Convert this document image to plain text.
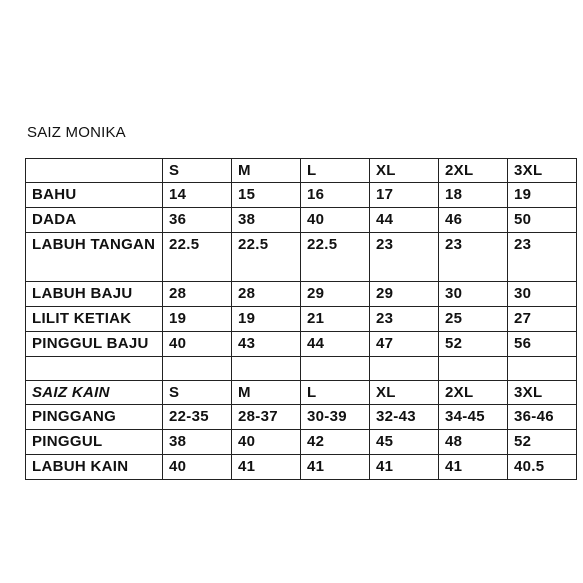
SAIZ MONIKA
	S	M	L	XL	2XL	3XL
BAHU	14	15	16	17	18	19
DADA	36	38	40	44	46	50
LABUH TANGAN	22.5	22.5	22.5	23	23	23
LABUH BAJU	28	28	29	29	30	30
LILIT KETIAK	19	19	21	23	25	27
PINGGUL BAJU	40	43	44	47	52	56

SAIZ KAIN	S	M	L	XL	2XL	3XL
PINGGANG	22-35	28-37	30-39	32-43	34-45	36-46
PINGGUL	38	40	42	45	48	52
LABUH KAIN	40	41	41	41	41	40.5
